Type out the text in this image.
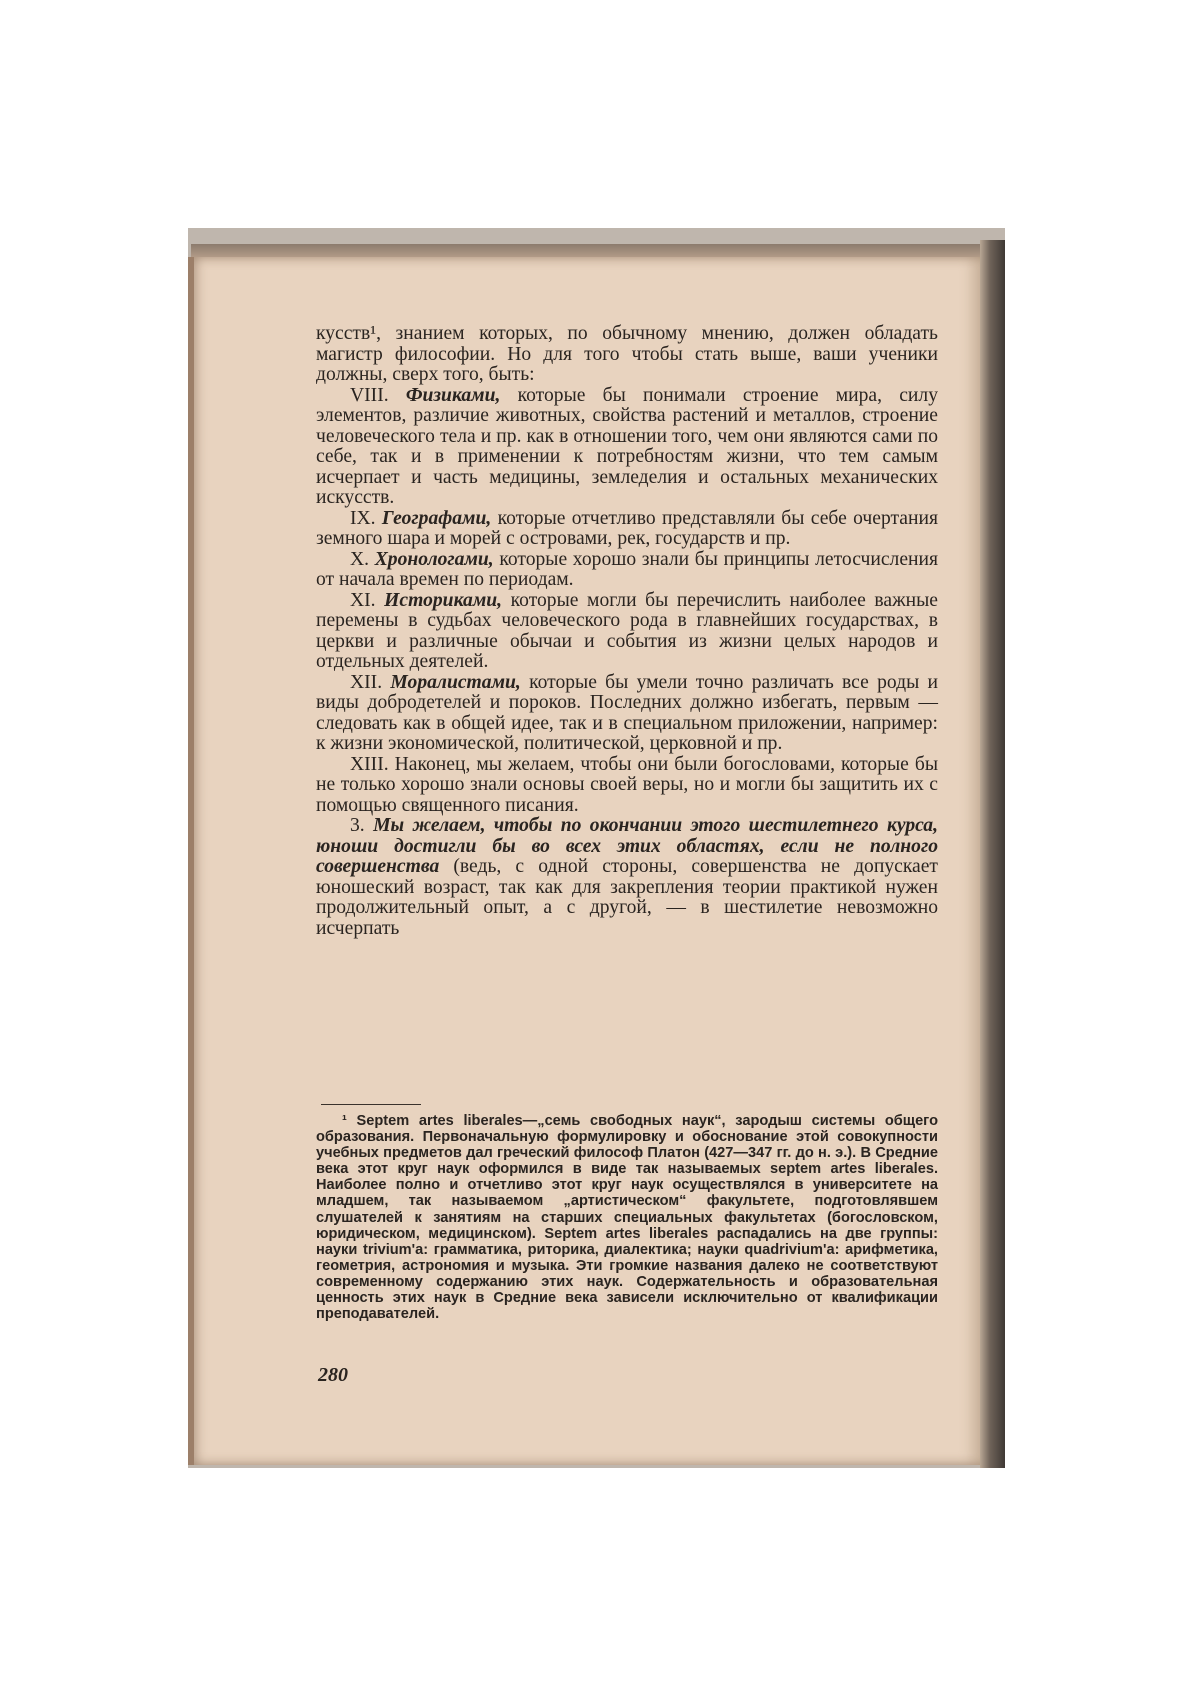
кусств¹, знанием которых, по обычному мнению, должен обладать магистр философии. Но для того чтобы стать выше, ваши ученики должны, сверх того, быть:

VIII. Физиками, которые бы понимали строение мира, силу элементов, различие животных, свойства растений и металлов, строение человеческого тела и пр. как в отношении того, чем они являются сами по себе, так и в применении к потребностям жизни, что тем самым исчерпает и часть медицины, земледелия и остальных механических искусств.

IX. Географами, которые отчетливо представляли бы себе очертания земного шара и морей с островами, рек, государств и пр.

X. Хронологами, которые хорошо знали бы принципы летосчисления от начала времен по периодам.

XI. Историками, которые могли бы перечислить наиболее важные перемены в судьбах человеческого рода в главнейших государствах, в церкви и различные обычаи и события из жизни целых народов и отдельных деятелей.

XII. Моралистами, которые бы умели точно различать все роды и виды добродетелей и пороков. Последних должно избегать, первым — следовать как в общей идее, так и в специальном приложении, например: к жизни экономической, политической, церковной и пр.

XIII. Наконец, мы желаем, чтобы они были богословами, которые бы не только хорошо знали основы своей веры, но и могли бы защитить их с помощью священного писания.

3. Мы желаем, чтобы по окончании этого шестилетнего курса, юноши достигли бы во всех этих областях, если не полного совершенства (ведь, с одной стороны, совершенства не допускает юношеский возраст, так как для закрепления теории практикой нужен продолжительный опыт, а с другой, — в шестилетие невозможно исчерпать

¹ Septem artes liberales—„семь свободных наук“, зародыш системы общего образования. Первоначальную формулировку и обоснование этой совокупности учебных предметов дал греческий философ Платон (427—347 гг. до н. э.). В Средние века этот круг наук оформился в виде так называемых septem artes liberales. Наиболее полно и отчетливо этот круг наук осуществлялся в университете на младшем, так называемом „артистическом“ факультете, подготовлявшем слушателей к занятиям на старших специальных факультетах (богословском, юридическом, медицинском). Septem artes liberales распадались на две группы: науки trivium'a: грамматика, риторика, диалектика; науки quadrivium'a: арифметика, геометрия, астрономия и музыка. Эти громкие названия далеко не соответствуют современному содержанию этих наук. Содержательность и образовательная ценность этих наук в Средние века зависели исключительно от квалификации преподавателей.

280
